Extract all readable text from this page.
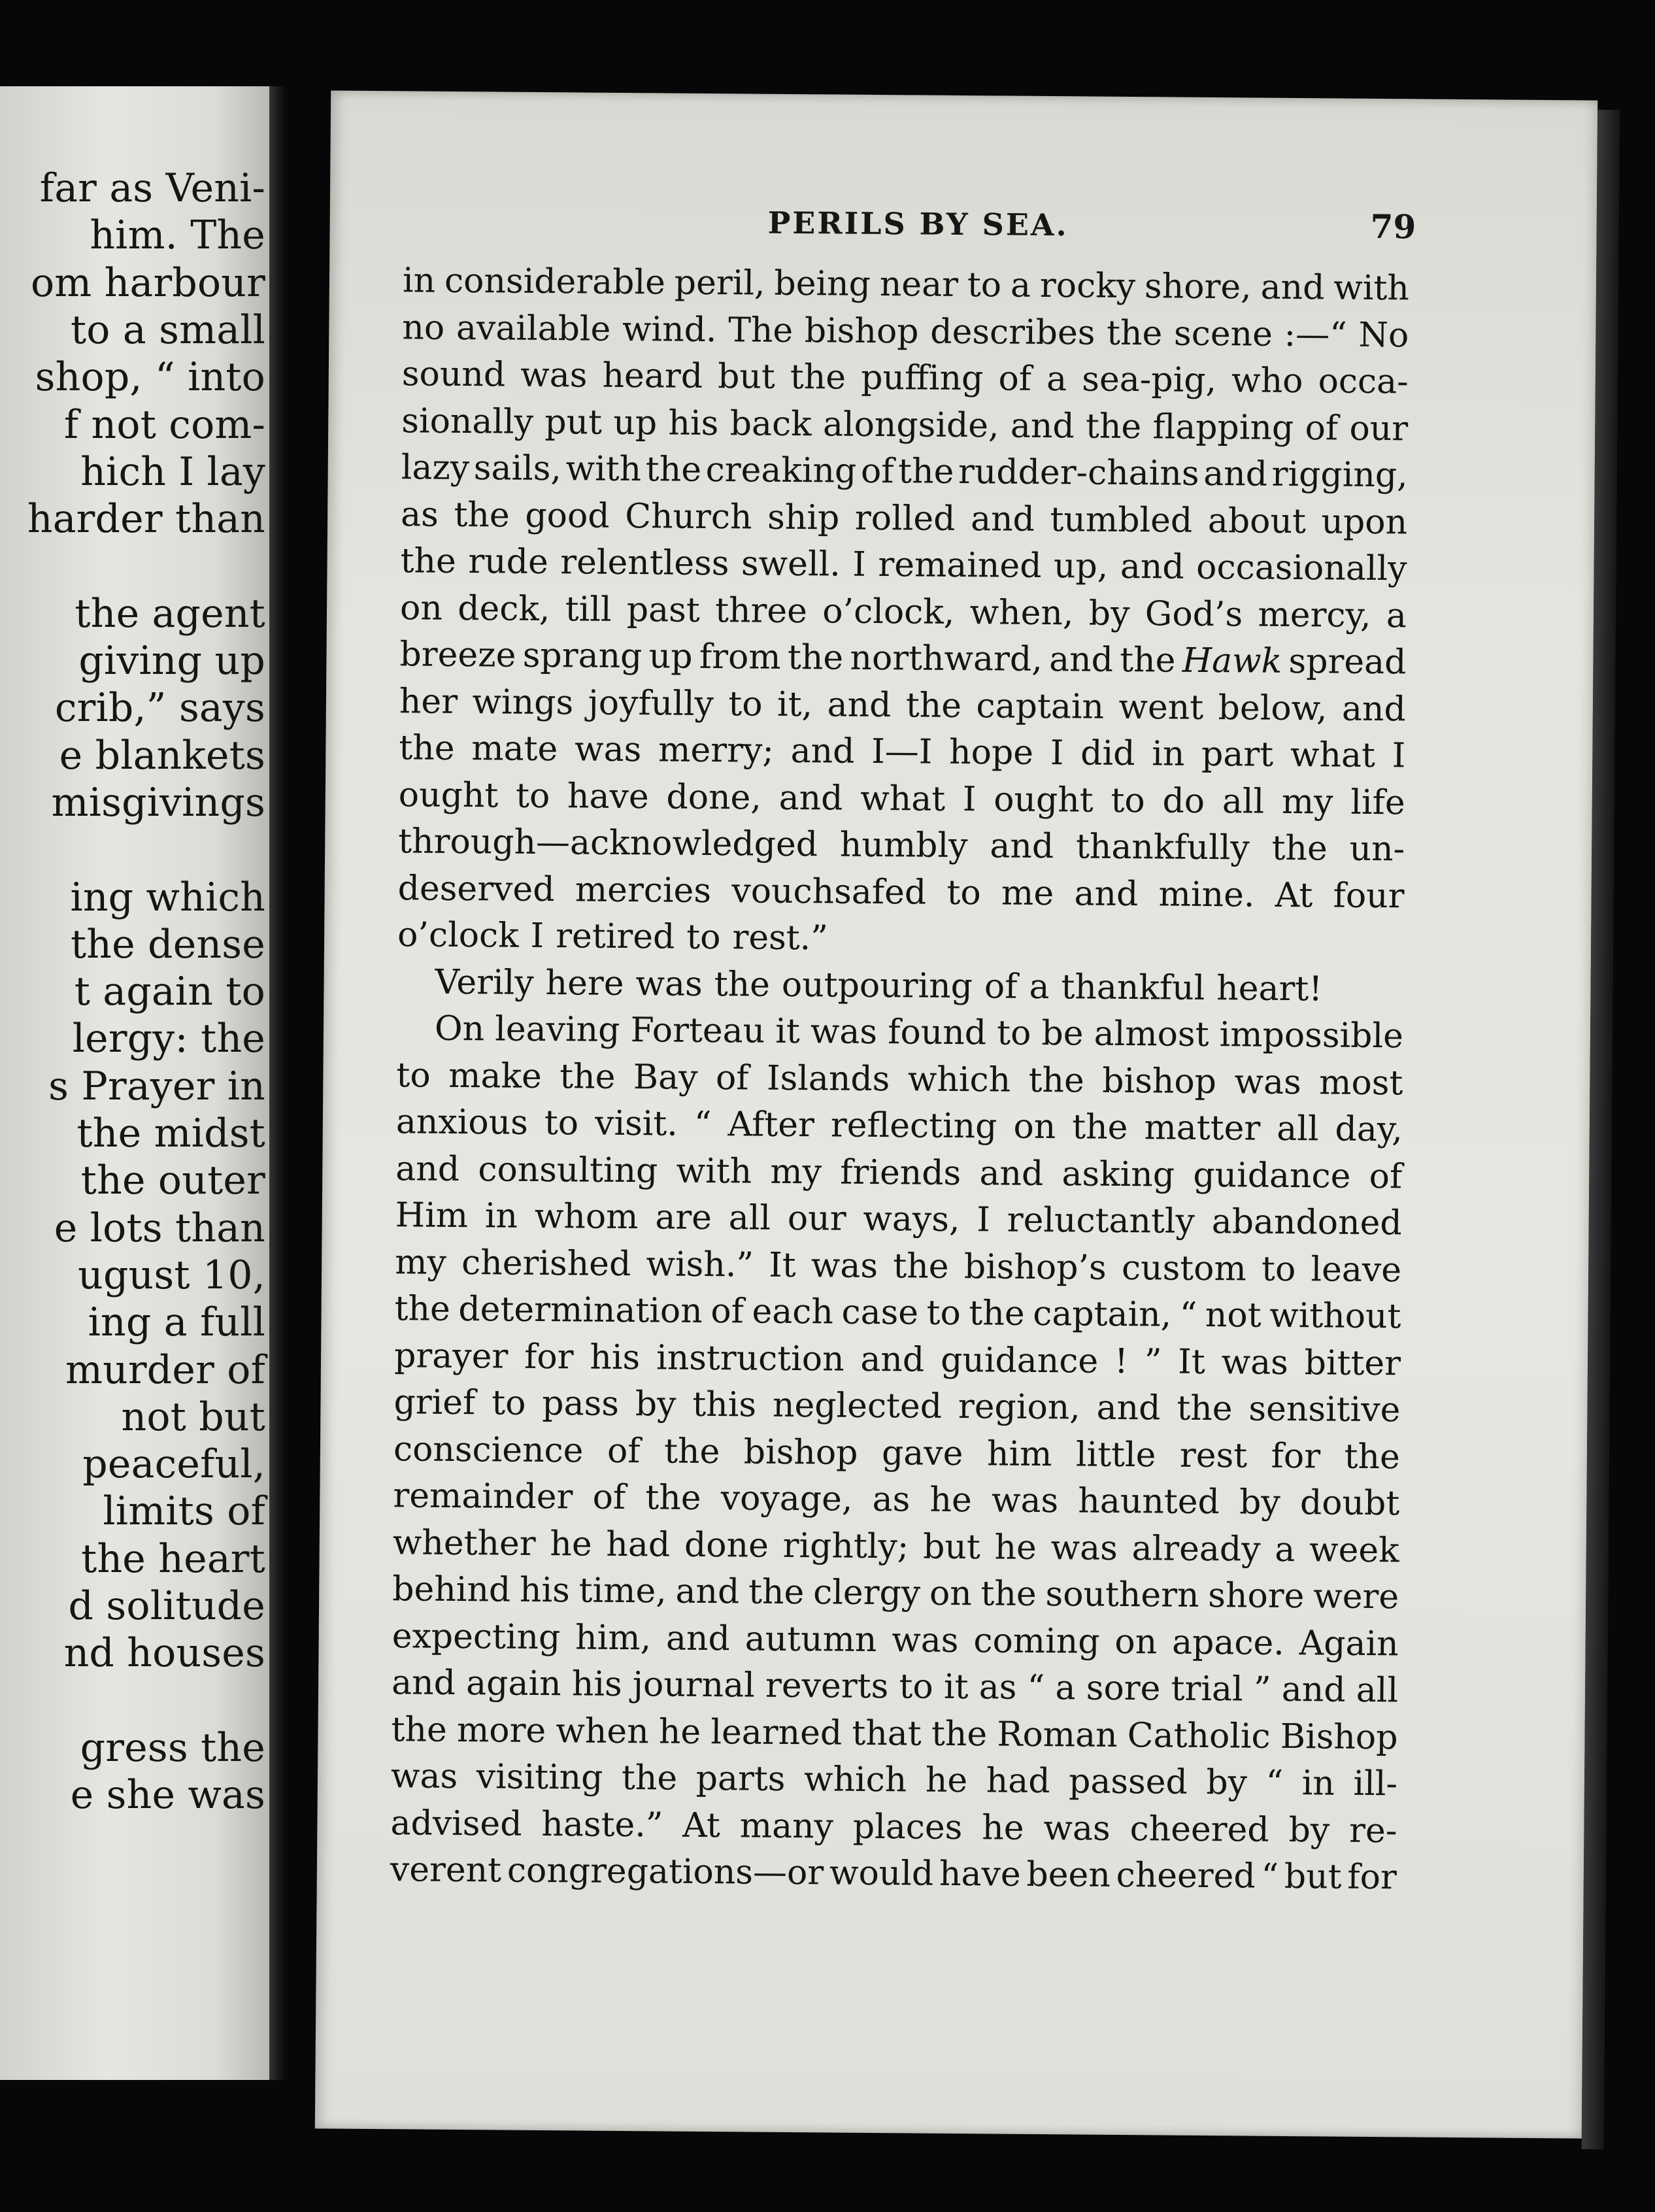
far as Veni-
him. The
om harbour
to a small
shop, “ into
f not com-
hich I lay
harder than
the agent
giving up
crib,” says
e blankets
misgivings
ing which
the dense
t again to
lergy: the
s Prayer in
the midst
the outer
e lots than
ugust 10,
ing a full
murder of
not but
peaceful,
limits of
the heart
d solitude
nd houses
gress the
e she was
PERILS BY SEA.	79
in considerable peril, being near to a rocky shore, and with
no available wind. The bishop describes the scene :—“ No
sound was heard but the puffing of a sea-pig, who occa-
sionally put up his back alongside, and the flapping of our
lazy sails, with the creaking of the rudder-chains and rigging,
as the good Church ship rolled and tumbled about upon
the rude relentless swell. I remained up, and occasionally
on deck, till past three o’clock, when, by God’s mercy, a
breeze sprang up from the northward, and the Hawk spread
her wings joyfully to it, and the captain went below, and
the mate was merry; and I—I hope I did in part what I
ought to have done, and what I ought to do all my life
through—acknowledged humbly and thankfully the un-
deserved mercies vouchsafed to me and mine. At four
o’clock I retired to rest.”
Verily here was the outpouring of a thankful heart!
On leaving Forteau it was found to be almost impossible
to make the Bay of Islands which the bishop was most
anxious to visit. “ After reflecting on the matter all day,
and consulting with my friends and asking guidance of
Him in whom are all our ways, I reluctantly abandoned
my cherished wish.” It was the bishop’s custom to leave
the determination of each case to the captain, “ not without
prayer for his instruction and guidance ! ” It was bitter
grief to pass by this neglected region, and the sensitive
conscience of the bishop gave him little rest for the
remainder of the voyage, as he was haunted by doubt
whether he had done rightly; but he was already a week
behind his time, and the clergy on the southern shore were
expecting him, and autumn was coming on apace. Again
and again his journal reverts to it as “ a sore trial ” and all
the more when he learned that the Roman Catholic Bishop
was visiting the parts which he had passed by “ in ill-
advised haste.” At many places he was cheered by re-
verent congregations—or would have been cheered “ but for
